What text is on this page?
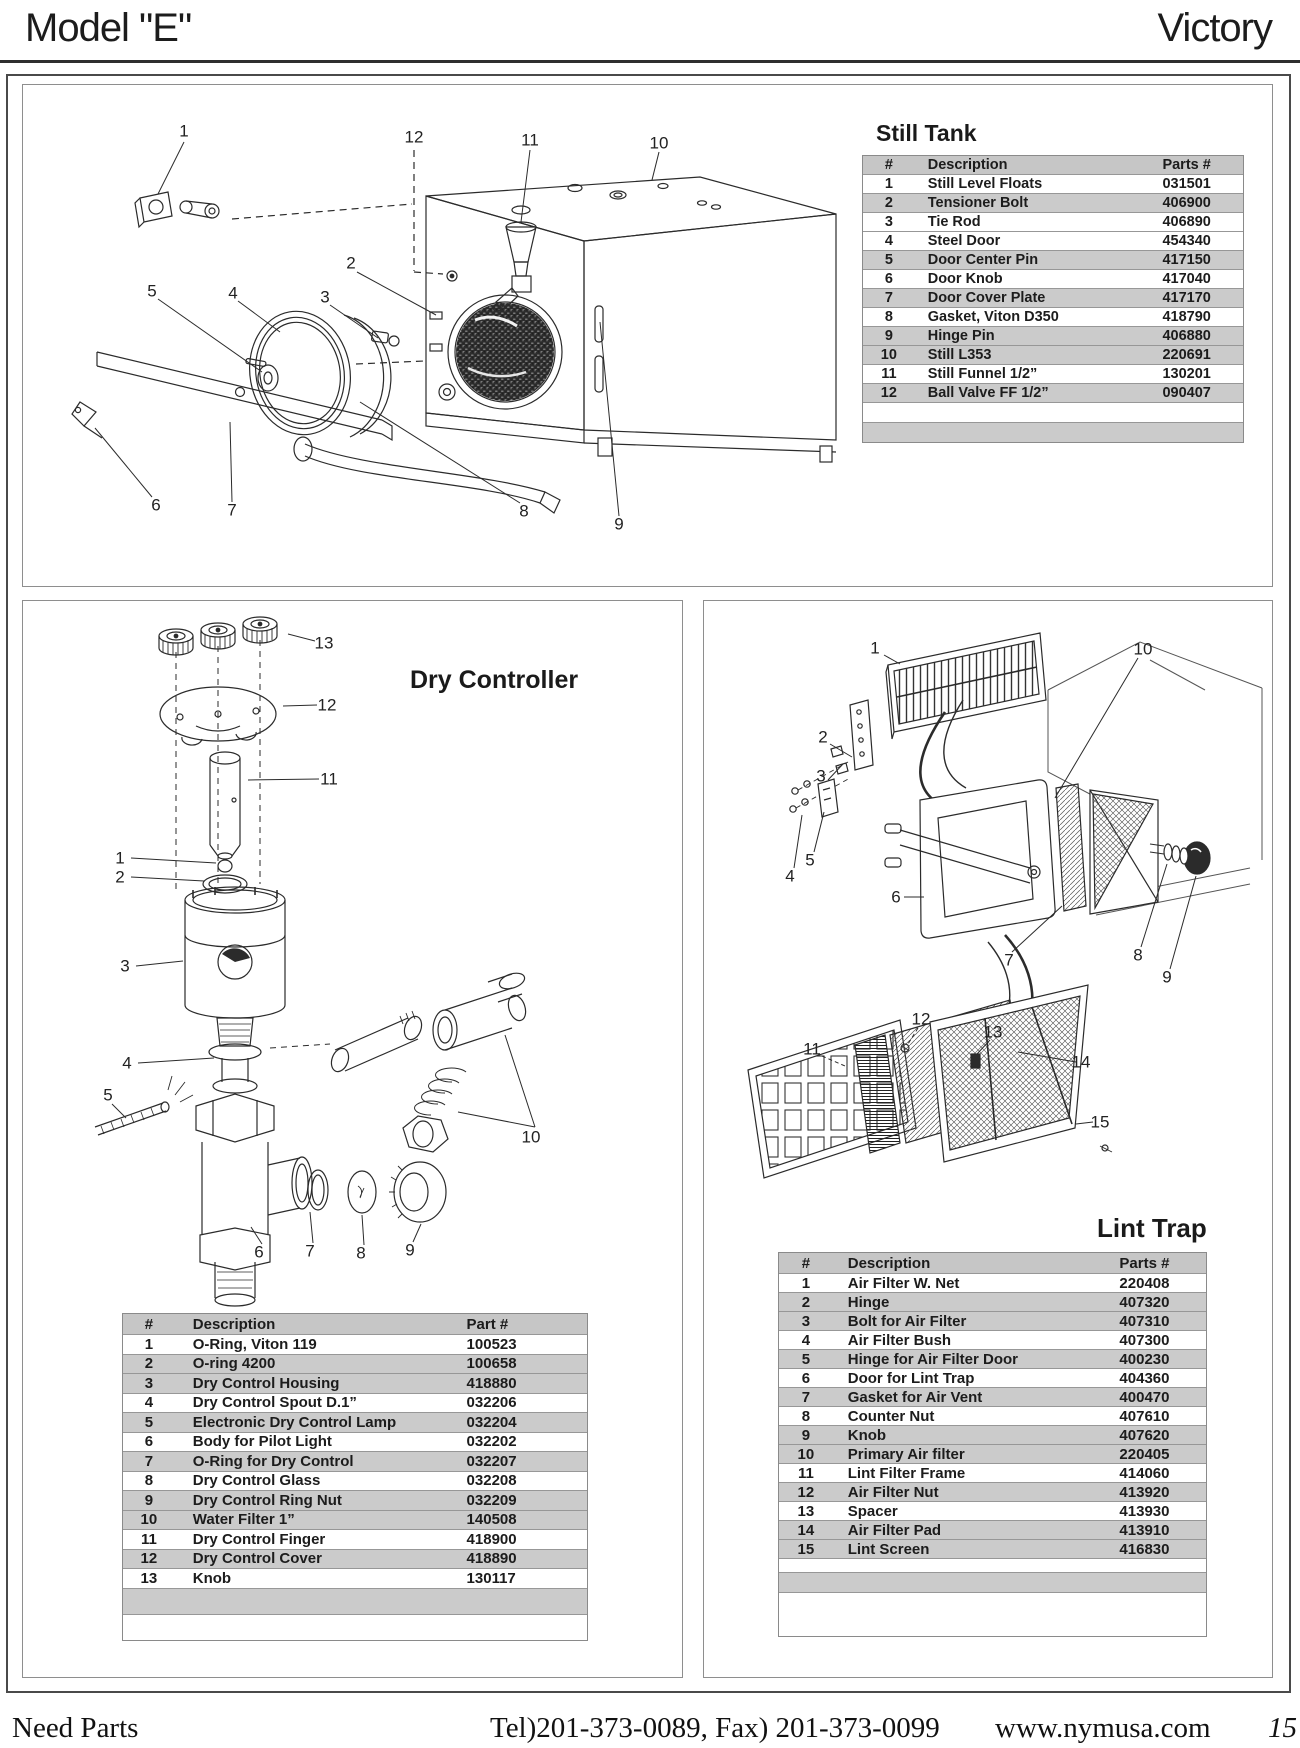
Model "E"	Victory
Still Tank
Dry Controller
Lint Trap
Need Parts	Tel)201-373-0089, Fax) 201-373-0099 www.nymusa.com 15
#	Description	Parts #
1	Still Level Floats	031501
2	Tensioner Bolt	406900
3	Tie Rod	406890
4	Steel Door	454340
5	Door Center Pin	417150
6	Door Knob	417040
7	Door Cover Plate	417170
8	Gasket, Viton D350	418790
9	Hinge Pin	406880
10	Still L353	220691
11	Still Funnel 1/2”	130201
12	Ball Valve FF 1/2”	090407
#	Description	Part #
1	O-Ring, Viton 119	100523
2	O-ring 4200	100658
3	Dry Control Housing	418880
4	Dry Control Spout D.1”	032206
5	Electronic Dry Control Lamp	032204
6	Body for Pilot Light	032202
7	O-Ring for Dry Control	032207
8	Dry Control Glass	032208
9	Dry Control Ring Nut	032209
10	Water Filter 1”	140508
11	Dry Control Finger	418900
12	Dry Control Cover	418890
13	Knob	130117
#	Description	Parts #
1	Air Filter W. Net	220408
2	Hinge	407320
3	Bolt for Air Filter	407310
4	Air Filter Bush	407300
5	Hinge for Air Filter Door	400230
6	Door for Lint Trap	404360
7	Gasket for Air Vent	400470
8	Counter Nut	407610
9	Knob	407620
10	Primary Air filter	220405
11	Lint Filter Frame	414060
12	Air Filter Nut	413920
13	Spacer	413930
14	Air Filter Pad	413910
15	Lint Screen	416830
1	12	11	10
2
5	4	3
6	7	8
9
13
12
11
1
2
3
4
5
10
6 7 8 9
1	10
2
3
5
4
6
7	8
9
12
13
11
14
15
